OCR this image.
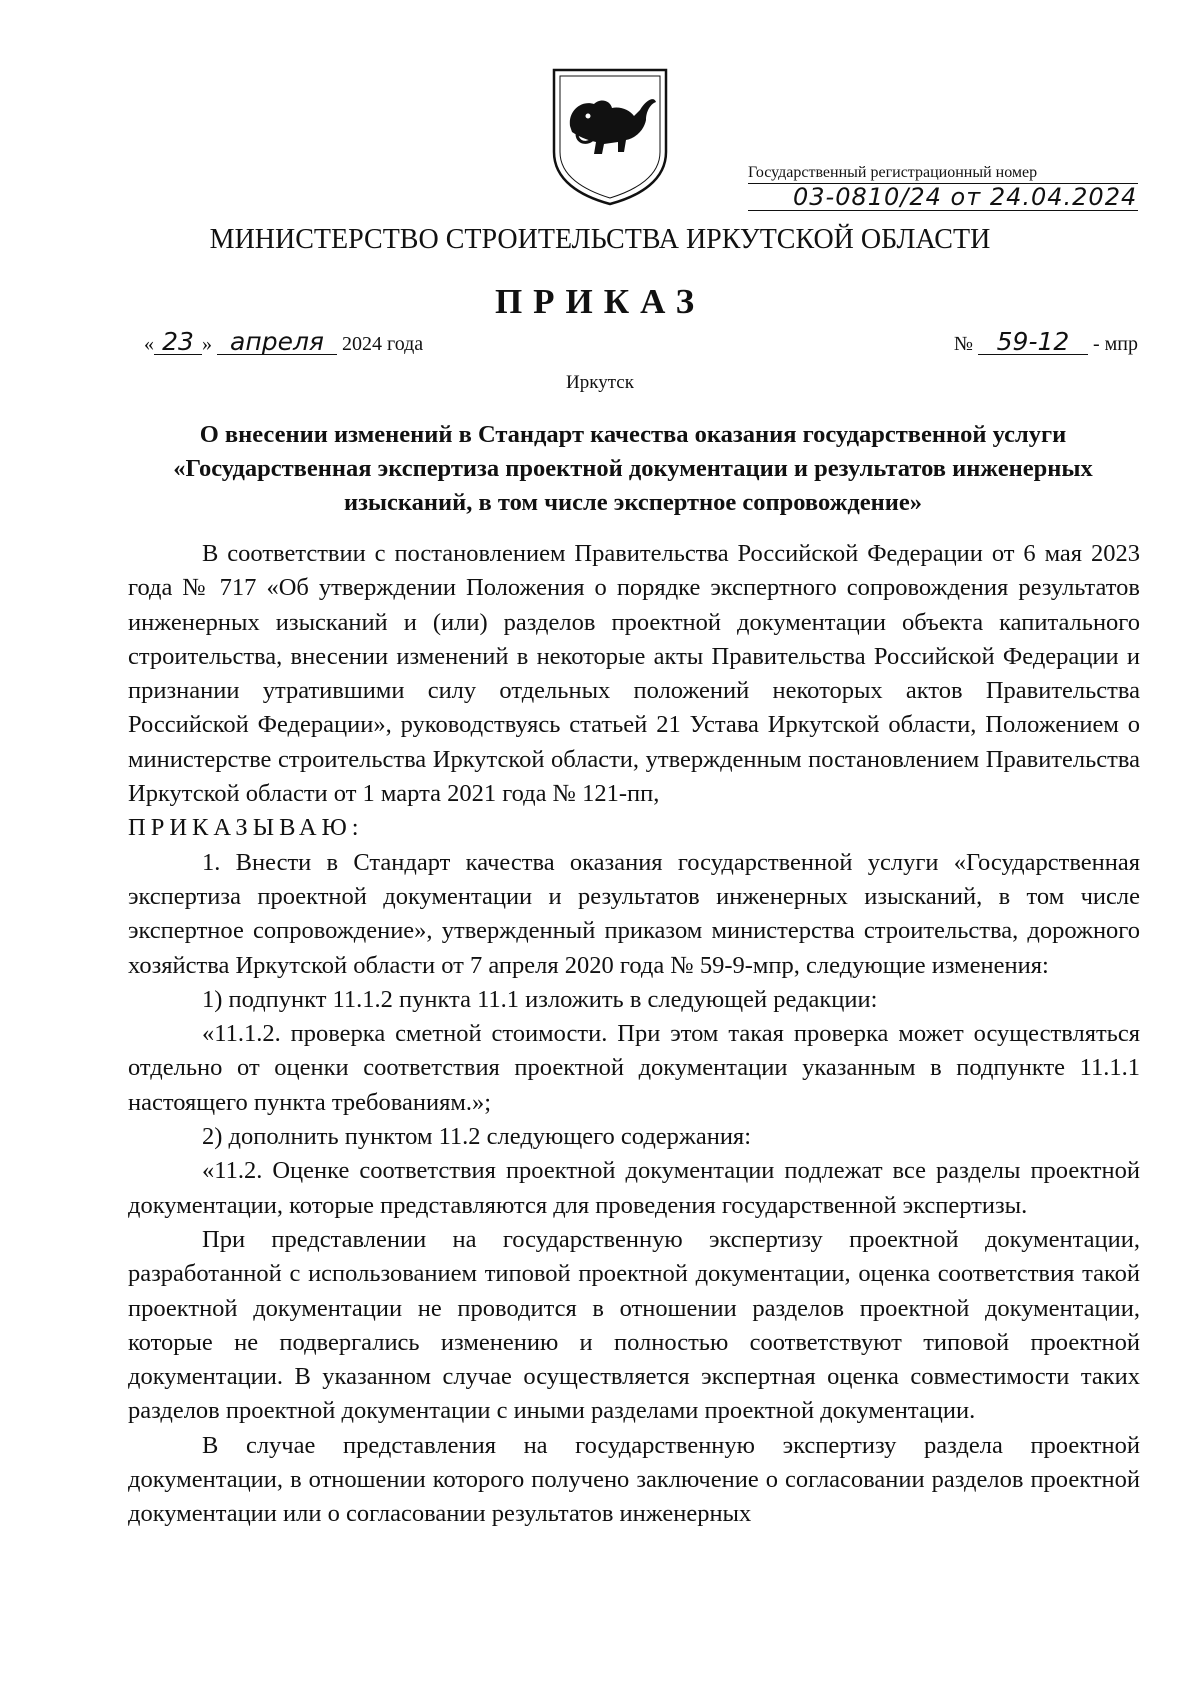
Государственный регистрационный номер
03-0810/24 от 24.04.2024
МИНИСТЕРСТВО СТРОИТЕЛЬСТВА ИРКУТСКОЙ ОБЛАСТИ
ПРИКАЗ
« 23 » апреля 2024 года	№ 59-12 - мпр
Иркутск
О внесении изменений в Стандарт качества оказания государственной услуги «Государственная экспертиза проектной документации и результатов инженерных изысканий, в том числе экспертное сопровождение»

В соответствии с постановлением Правительства Российской Федерации от 6 мая 2023 года № 717 «Об утверждении Положения о порядке экспертного сопровождения результатов инженерных изысканий и (или) разделов проектной документации объекта капитального строительства, внесении изменений в некоторые акты Правительства Российской Федерации и признании утратившими силу отдельных положений некоторых актов Правительства Российской Федерации», руководствуясь статьей 21 Устава Иркутской области, Положением о министерстве строительства Иркутской области, утвержденным постановлением Правительства Иркутской области от 1 марта 2021 года № 121-пп,

ПРИКАЗЫВАЮ:

1. Внести в Стандарт качества оказания государственной услуги «Государственная экспертиза проектной документации и результатов инженерных изысканий, в том числе экспертное сопровождение», утвержденный приказом министерства строительства, дорожного хозяйства Иркутской области от 7 апреля 2020 года № 59-9-мпр, следующие изменения:

1) подпункт 11.1.2 пункта 11.1 изложить в следующей редакции:

«11.1.2. проверка сметной стоимости. При этом такая проверка может осуществляться отдельно от оценки соответствия проектной документации указанным в подпункте 11.1.1 настоящего пункта требованиям.»;

2) дополнить пунктом 11.2 следующего содержания:

«11.2. Оценке соответствия проектной документации подлежат все разделы проектной документации, которые представляются для проведения государственной экспертизы.

При представлении на государственную экспертизу проектной документации, разработанной с использованием типовой проектной документации, оценка соответствия такой проектной документации не проводится в отношении разделов проектной документации, которые не подвергались изменению и полностью соответствуют типовой проектной документации. В указанном случае осуществляется экспертная оценка совместимости таких разделов проектной документации с иными разделами проектной документации.

В случае представления на государственную экспертизу раздела проектной документации, в отношении которого получено заключение о согласовании разделов проектной документации или о согласовании результатов инженерных
